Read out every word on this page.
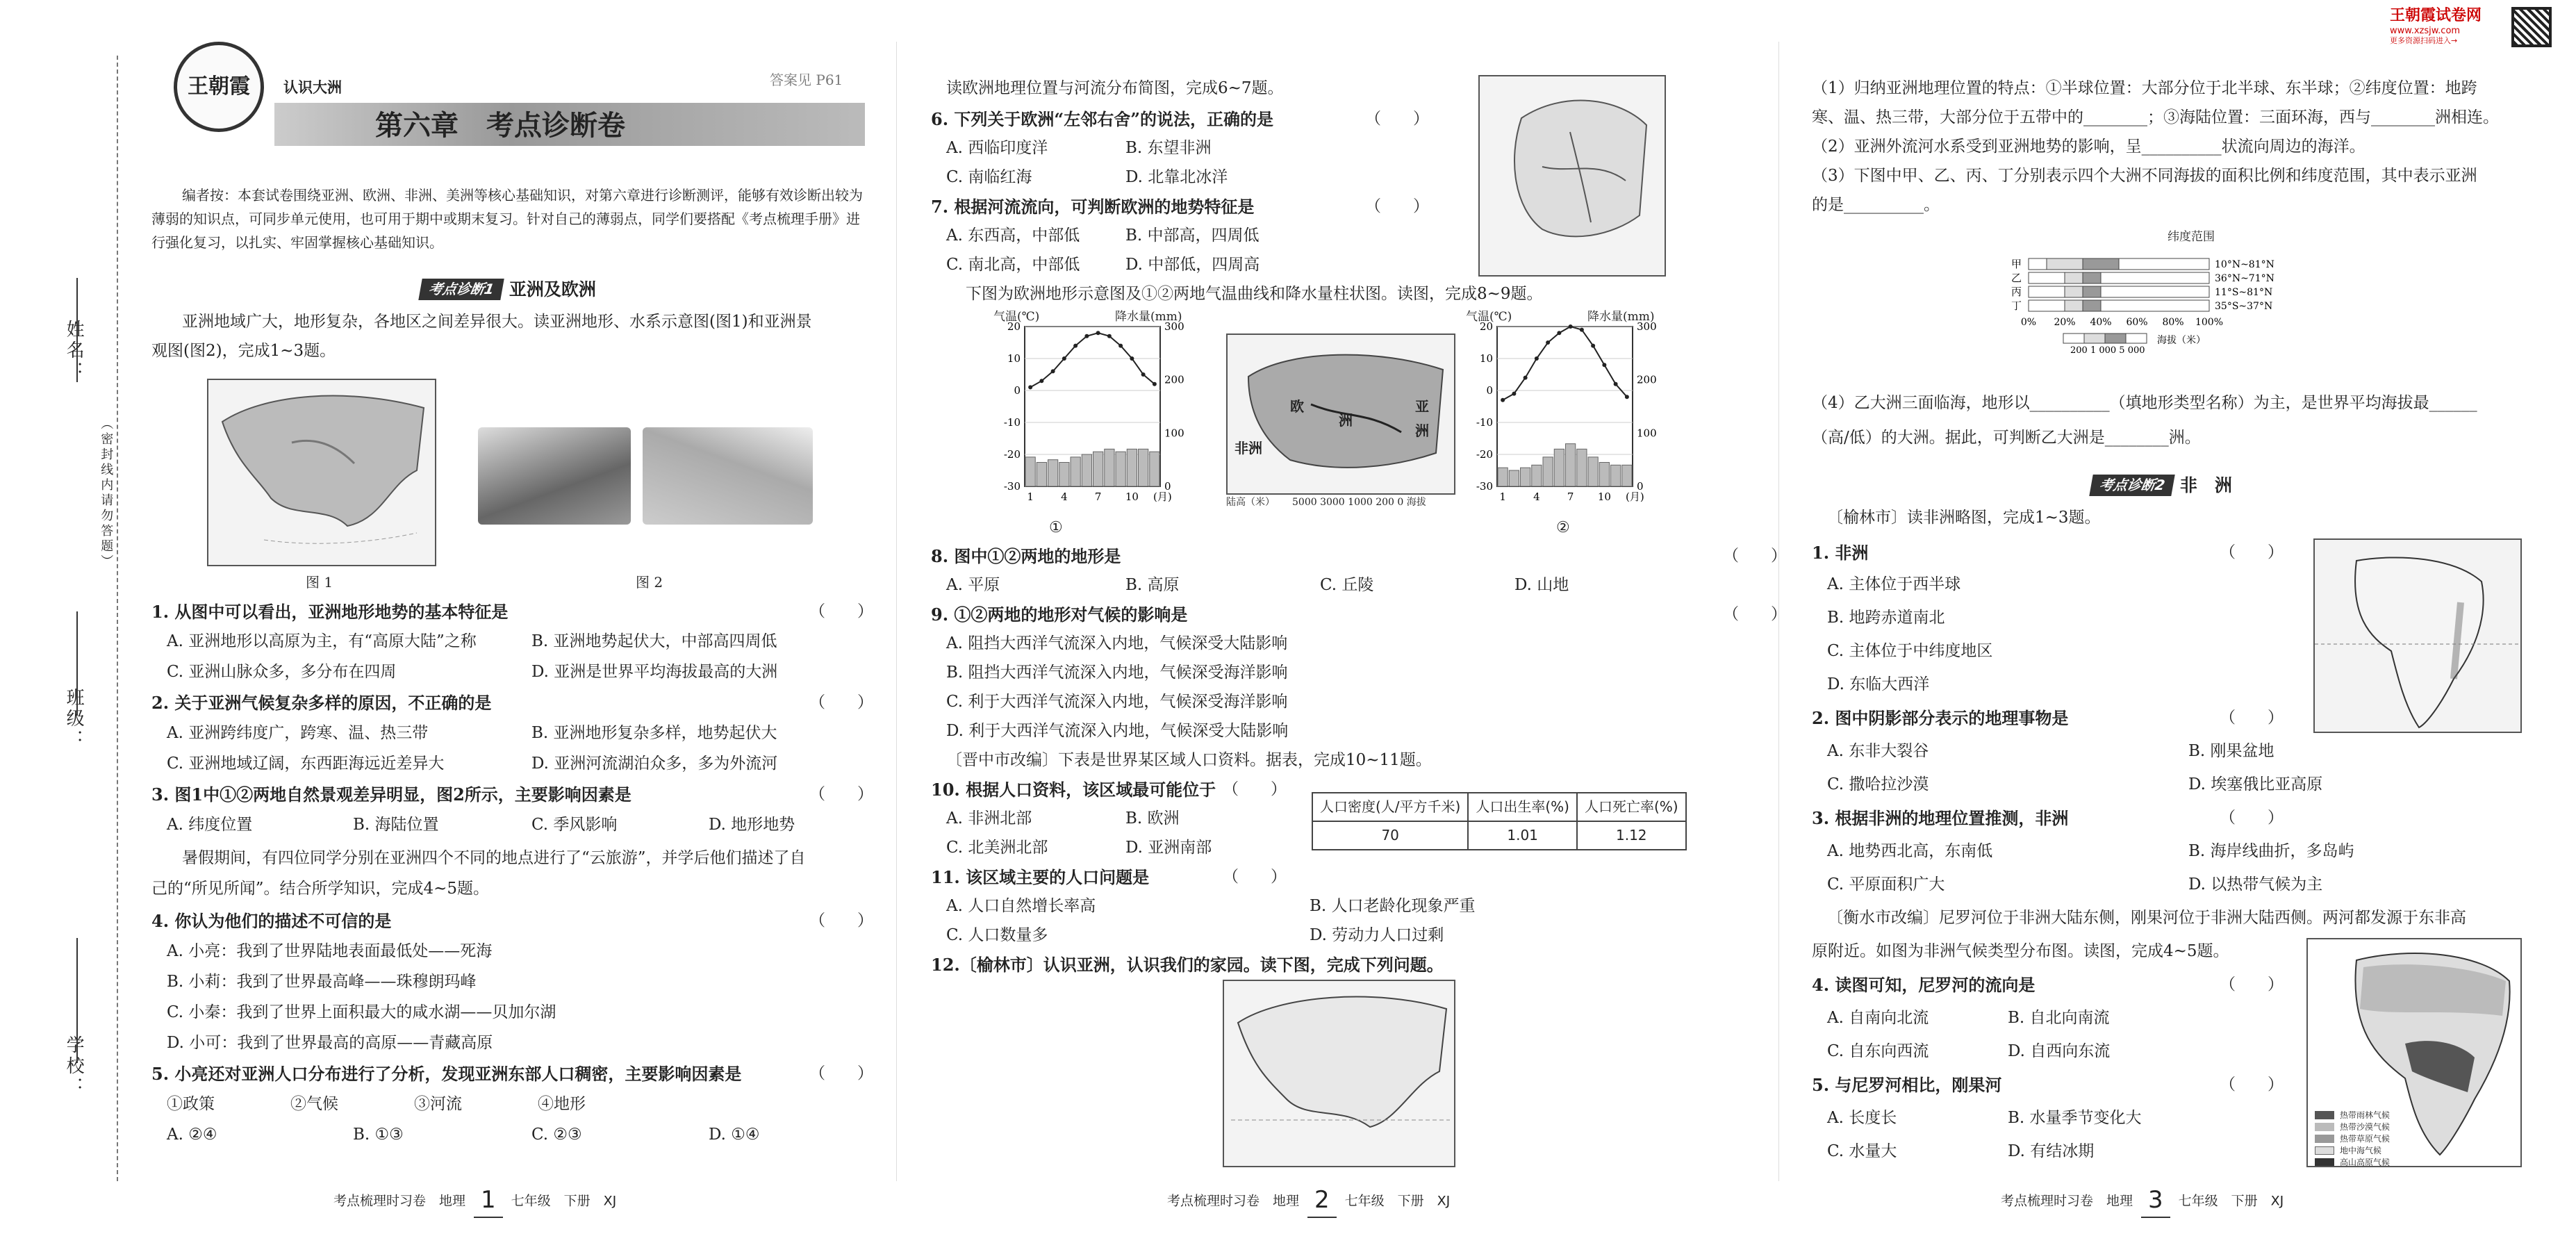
姓名：
班级：
学校：
（密封线内请勿答题）
王朝霞 认识大洲	答案见 P61
第六章　考点诊断卷
编者按：本套试卷围绕亚洲、欧洲、非洲、美洲等核心基础知识，对第六章进行诊断测评，能够有效诊断出较为
薄弱的知识点，可同步单元使用，也可用于期中或期末复习。针对自己的薄弱点，同学们要搭配《考点梳理手册》进
行强化复习，以扎实、牢固掌握核心基础知识。
考点诊断1 亚洲及欧洲
亚洲地域广大，地形复杂，各地区之间差异很大。读亚洲地形、水系示意图(图1)和亚洲景
观图(图2)，完成1~3题。
图 1	图 2
1. 从图中可以看出，亚洲地形地势的基本特征是	（　　）
A. 亚洲地形以高原为主，有“高原大陆”之称	B. 亚洲地势起伏大，中部高四周低
C. 亚洲山脉众多，多分布在四周	D. 亚洲是世界平均海拔最高的大洲
2. 关于亚洲气候复杂多样的原因，不正确的是	（　　）
A. 亚洲跨纬度广，跨寒、温、热三带	B. 亚洲地形复杂多样，地势起伏大
C. 亚洲地域辽阔，东西距海远近差异大	D. 亚洲河流湖泊众多，多为外流河
3. 图1中①②两地自然景观差异明显，图2所示，主要影响因素是	（　　）
A. 纬度位置	B. 海陆位置	C. 季风影响	D. 地形地势
暑假期间，有四位同学分别在亚洲四个不同的地点进行了“云旅游”，并学后他们描述了自
己的“所见所闻”。结合所学知识，完成4~5题。
4. 你认为他们的描述不可信的是	（　　）
A. 小亮：我到了世界陆地表面最低处——死海
B. 小莉：我到了世界最高峰——珠穆朗玛峰
C. 小秦：我到了世界上面积最大的咸水湖——贝加尔湖
D. 小可：我到了世界最高的高原——青藏高原
5. 小亮还对亚洲人口分布进行了分析，发现亚洲东部人口稠密，主要影响因素是	（　　）
①政策	②气候	③河流	④地形
A. ②④	B. ①③	C. ②③	D. ①④
考点梳理时习卷　地理 1 七年级　下册　XJ
读欧洲地理位置与河流分布简图，完成6~7题。
6. 下列关于欧洲“左邻右舍”的说法，正确的是	（　　）
A. 西临印度洋	B. 东望非洲
C. 南临红海	D. 北靠北冰洋
7. 根据河流流向，可判断欧洲的地势特征是	（　　）
A. 东西高，中部低	B. 中部高，四周低
C. 南北高，中部低	D. 中部低，四周高
下图为欧洲地形示意图及①②两地气温曲线和降水量柱状图。读图，完成8~9题。
气温(℃)	降水量(mm)
20
10
0
-10
-20
-30
300
200
100
0
1	4	7 10 (月)
气温(℃)	降水量(mm)
20
10
0
-10
-20
-30
300
200
100
0
1	4	7 10 (月)
欧
洲
亚
洲
非洲
陆高（米） 5000 3000 1000 200 0 海拔
①	②
8. 图中①②两地的地形是	（　　）
A. 平原	B. 高原	C. 丘陵	D. 山地
9. ①②两地的地形对气候的影响是	（　　）
A. 阻挡大西洋气流深入内地，气候深受大陆影响
B. 阻挡大西洋气流深入内地，气候深受海洋影响
C. 利于大西洋气流深入内地，气候深受海洋影响
D. 利于大西洋气流深入内地，气候深受大陆影响
〔晋中市改编〕下表是世界某区域人口资料。据表，完成10~11题。
10. 根据人口资料，该区域最可能位于 （　　）
A. 非洲北部	B. 欧洲
C. 北美洲北部	D. 亚洲南部
人口密度(人/平方千米)	人口出生率(%)	人口死亡率(%)
70	1.01	1.12
11. 该区域主要的人口问题是	（　　）
A. 人口自然增长率高	B. 人口老龄化现象严重
C. 人口数量多	D. 劳动力人口过剩
12.〔榆林市〕认识亚洲，认识我们的家园。读下图，完成下列问题。
考点梳理时习卷　地理 2 七年级　下册　XJ
王朝霞试卷网
www.xzsjw.com
更多资源扫码进入→
（1）归纳亚洲地理位置的特点：①半球位置：大部分位于北半球、东半球；②纬度位置：地跨
寒、温、热三带，大部分位于五带中的________；③海陆位置：三面环海，西与________洲相连。
（2）亚洲外流河水系受到亚洲地势的影响，呈__________状流向周边的海洋。
（3）下图中甲、乙、丙、丁分别表示四个大洲不同海拔的面积比例和纬度范围，其中表示亚洲
的是__________。
纬度范围
甲	10°N~81°N
乙	36°N~71°N
丙	11°S~81°N
丁	35°S~37°N
0% 20% 40% 60% 80% 100%
200 1 000 5 000
海拔（米）
（4）乙大洲三面临海，地形以__________（填地形类型名称）为主，是世界平均海拔最______
（高/低）的大洲。据此，可判断乙大洲是________洲。
考点诊断2 非　洲
〔榆林市〕读非洲略图，完成1~3题。
1. 非洲	（　　）
A. 主体位于西半球
B. 地跨赤道南北
C. 主体位于中纬度地区
D. 东临大西洋
2. 图中阴影部分表示的地理事物是	（　　）
A. 东非大裂谷	B. 刚果盆地
C. 撒哈拉沙漠	D. 埃塞俄比亚高原
3. 根据非洲的地理位置推测，非洲	（　　）
A. 地势西北高，东南低	B. 海岸线曲折，多岛屿
C. 平原面积广大	D. 以热带气候为主
〔衡水市改编〕尼罗河位于非洲大陆东侧，刚果河位于非洲大陆西侧。两河都发源于东非高
原附近。如图为非洲气候类型分布图。读图，完成4~5题。
热带雨林气候
热带沙漠气候
热带草原气候
地中海气候
高山高原气候
4. 读图可知，尼罗河的流向是	（　　）
A. 自南向北流	B. 自北向南流
C. 自东向西流	D. 自西向东流
5. 与尼罗河相比，刚果河	（　　）
A. 长度长	B. 水量季节变化大
C. 水量大	D. 有结冰期
考点梳理时习卷　地理 3 七年级　下册　XJ
